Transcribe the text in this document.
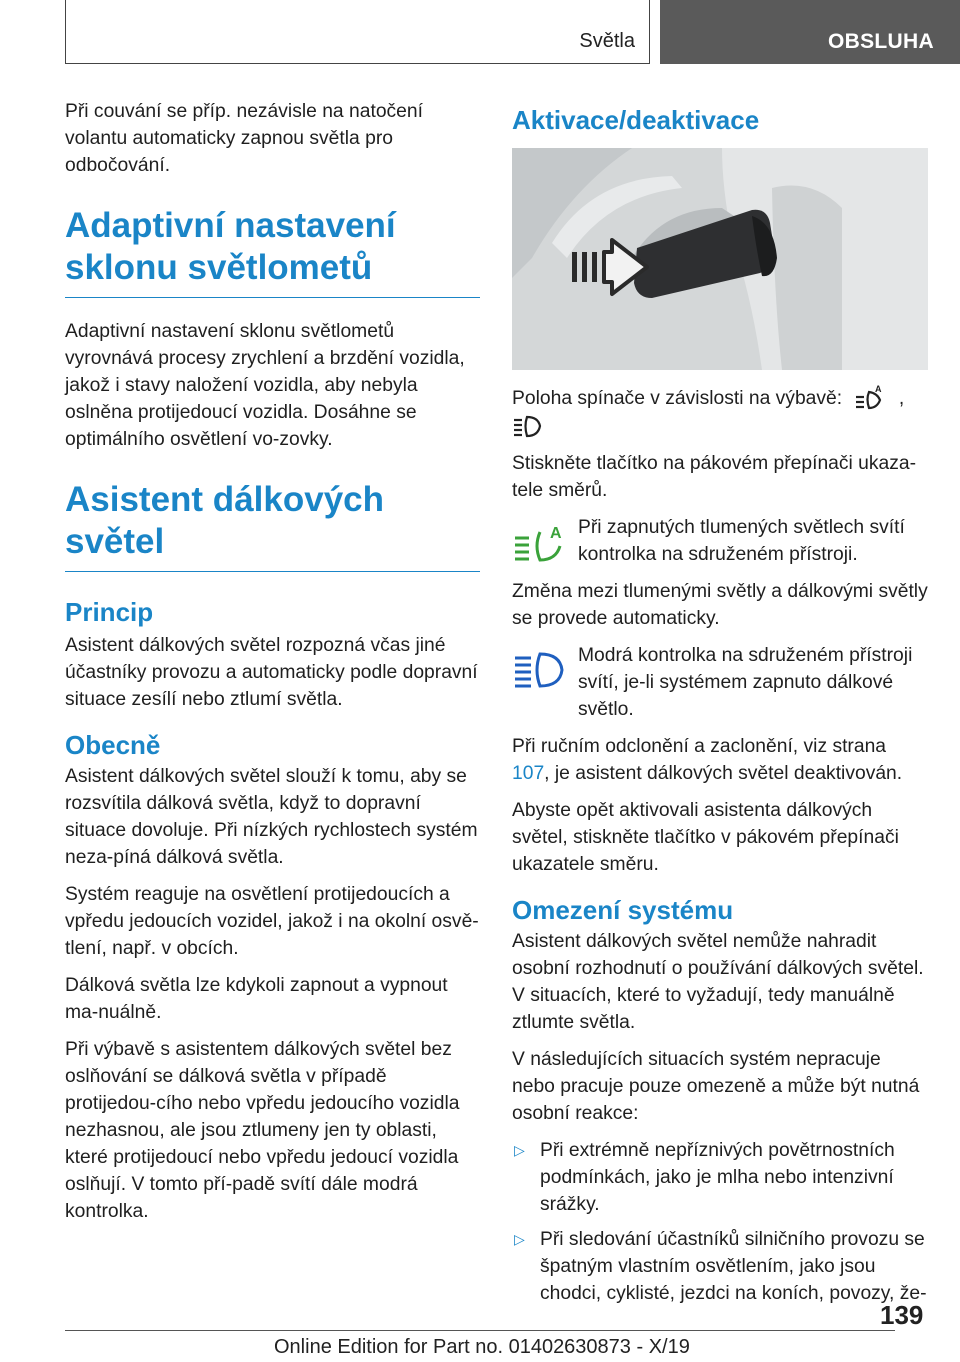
Světla	OBSLUHA

Při couvání se příp. nezávisle na natočení volantu automaticky zapnou světla pro odbočování.

Adaptivní nastavení sklonu světlometů

Adaptivní nastavení sklonu světlometů vyrovnává procesy zrychlení a brzdění vozidla, jakož i stavy naložení vozidla, aby nebyla oslněna protijedoucí vozidla. Dosáhne se optimálního osvětlení vo-zovky.

Asistent dálkových světel
Princip

Asistent dálkových světel rozpozná včas jiné účastníky provozu a automaticky podle dopravní situace zesílí nebo ztlumí světla.

Obecně

Asistent dálkových světel slouží k tomu, aby se rozsvítila dálková světla, když to dopravní situace dovoluje. Při nízkých rychlostech systém neza-píná dálková světla.

Systém reaguje na osvětlení protijedoucích a vpředu jedoucích vozidel, jakož i na okolní osvě-tlení, např. v obcích.

Dálková světla lze kdykoli zapnout a vypnout ma-nuálně.

Při výbavě s asistentem dálkových světel bez oslňování se dálková světla v případě protijedou-cího nebo vpředu jedoucího vozidla nezhasnou, ale jsou ztlumeny jen ty oblasti, které protijedoucí nebo vpředu jedoucí vozidla oslňují. V tomto pří-padě svítí dále modrá kontrolka.

Aktivace/deaktivace

Poloha spínače v závislosti na výbavě:	A ,

Stiskněte tlačítko na pákovém přepínači ukaza-tele směrů.

A Při zapnutých tlumených světlech svítí kontrolka na sdruženém přístroji.

Změna mezi tlumenými světly a dálkovými světly se provede automaticky.

Modrá kontrolka na sdruženém přístroji svítí, je-li systémem zapnuto dálkové světlo.

Při ručním odclonění a zaclonění, viz strana 107, je asistent dálkových světel deaktivován.

Abyste opět aktivovali asistenta dálkových světel, stiskněte tlačítko v pákovém přepínači ukazatele směru.

Omezení systému

Asistent dálkových světel nemůže nahradit osobní rozhodnutí o používání dálkových světel. V situacích, které to vyžadují, tedy manuálně ztlumte světla.

V následujících situacích systém nepracuje nebo pracuje pouze omezeně a může být nutná osobní reakce:

▷ Při extrémně nepříznivých povětrnostních podmínkách, jako je mlha nebo intenzivní srážky.
▷ Při sledování účastníků silničního provozu se špatným vlastním osvětlením, jako jsou chodci, cyklisté, jezdci na koních, povozy, že-
139
Online Edition for Part no. 01402630873 - X/19
